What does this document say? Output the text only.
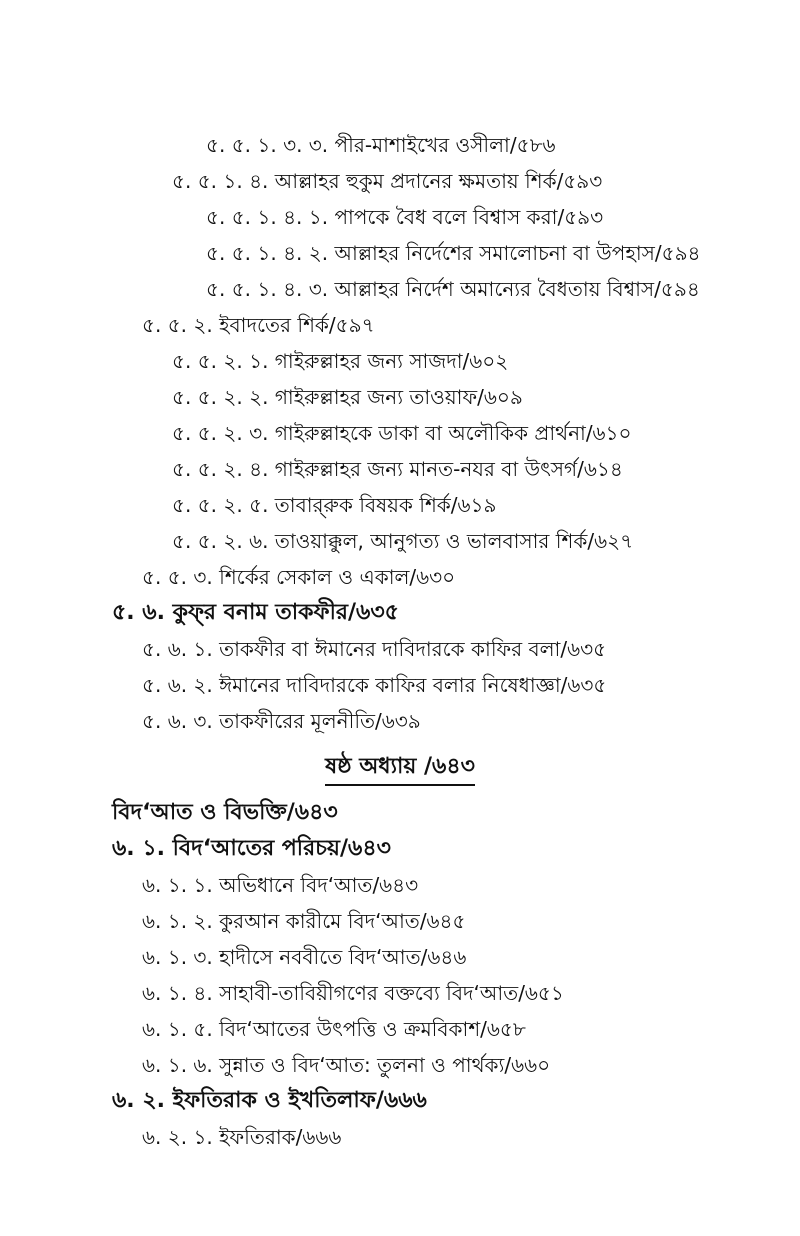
৫. ৫. ১. ৩. ৩. পীর-মাশাইখের ওসীলা/৫৮৬
৫. ৫. ১. ৪. আল্লাহর হুকুম প্রদানের ক্ষমতায় শির্ক/৫৯৩
৫. ৫. ১. ৪. ১. পাপকে বৈধ বলে বিশ্বাস করা/৫৯৩
৫. ৫. ১. ৪. ২. আল্লাহর নির্দেশের সমালোচনা বা উপহাস/৫৯৪
৫. ৫. ১. ৪. ৩. আল্লাহর নির্দেশ অমান্যের বৈধতায় বিশ্বাস/৫৯৪
৫. ৫. ২. ইবাদতের শির্ক/৫৯৭
৫. ৫. ২. ১. গাইরুল্লাহর জন্য সাজদা/৬০২
৫. ৫. ২. ২. গাইরুল্লাহর জন্য তাওয়াফ/৬০৯
৫. ৫. ২. ৩. গাইরুল্লাহকে ডাকা বা অলৌকিক প্রার্থনা/৬১০
৫. ৫. ২. ৪. গাইরুল্লাহর জন্য মানত-নযর বা উৎসর্গ/৬১৪
৫. ৫. ২. ৫. তাবার্‌রুক বিষয়ক শির্ক/৬১৯
৫. ৫. ২. ৬. তাওয়াক্কুল, আনুগত্য ও ভালবাসার শির্ক/৬২৭
৫. ৫. ৩. শির্কের সেকাল ও একাল/৬৩০
৫. ৬. কুফ্‌র বনাম তাকফীর/৬৩৫
৫. ৬. ১. তাকফীর বা ঈমানের দাবিদারকে কাফির বলা/৬৩৫
৫. ৬. ২. ঈমানের দাবিদারকে কাফির বলার নিষেধাজ্ঞা/৬৩৫
৫. ৬. ৩. তাকফীরের মূলনীতি/৬৩৯
ষষ্ঠ অধ্যায় /৬৪৩
বিদ‘আত ও বিভক্তি/৬৪৩
৬. ১. বিদ‘আতের পরিচয়/৬৪৩
৬. ১. ১. অভিধানে বিদ‘আত/৬৪৩
৬. ১. ২. কুরআন কারীমে বিদ‘আত/৬৪৫
৬. ১. ৩. হাদীসে নববীতে বিদ‘আত/৬৪৬
৬. ১. ৪. সাহাবী-তাবিয়ীগণের বক্তব্যে বিদ‘আত/৬৫১
৬. ১. ৫. বিদ‘আতের উৎপত্তি ও ক্রমবিকাশ/৬৫৮
৬. ১. ৬. সুন্নাত ও বিদ‘আত: তুলনা ও পার্থক্য/৬৬০
৬. ২. ইফতিরাক ও ইখতিলাফ/৬৬৬
৬. ২. ১. ইফতিরাক/৬৬৬
